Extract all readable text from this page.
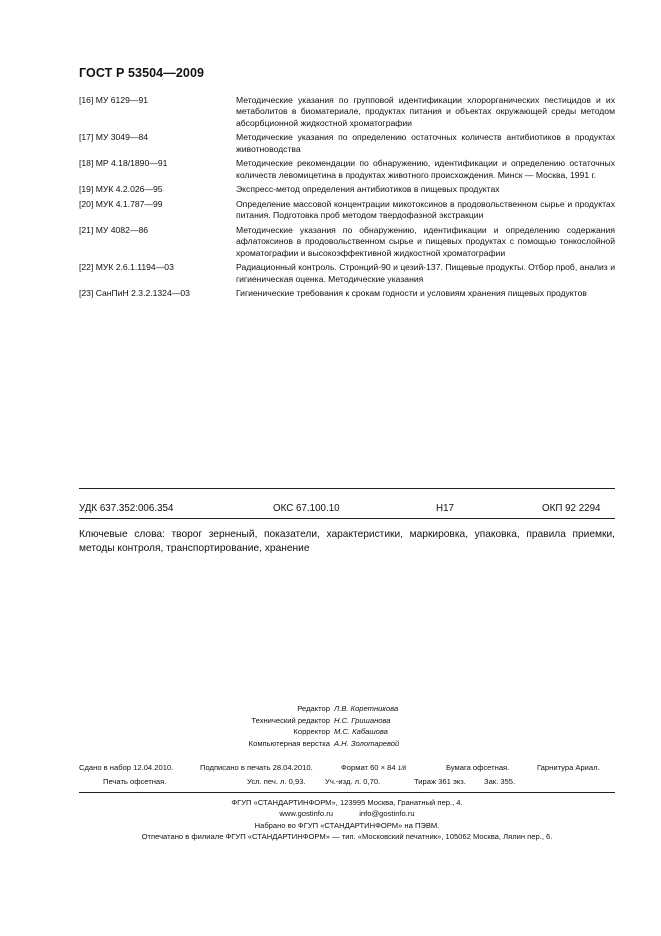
ГОСТ Р 53504—2009
[16] МУ 6129—91	Методические указания по групповой идентификации хлорорганических пестицидов и их метаболитов в биоматериале, продуктах питания и объектах окружающей среды методом абсорбционной жидкостной хроматографии
[17] МУ 3049—84	Методические указания по определению остаточных количеств антибиотиков в продуктах животноводства
[18] МР 4.18/1890—91	Методические рекомендации по обнаружению, идентификации и определению остаточных количеств левомицетина в продуктах животного происхождения. Минск — Москва, 1991 г.
[19] МУК 4.2.026—95	Экспресс-метод определения антибиотиков в пищевых продуктах
[20] МУК 4.1.787—99	Определение массовой концентрации микотоксинов в продовольственном сырье и продуктах питания. Подготовка проб методом твердофазной экстракции
[21] МУ 4082—86	Методические указания по обнаружению, идентификации и определению содержания афлатоксинов в продовольственном сырье и пищевых продуктах с помощью тонкослойной хроматографии и высокоэффективной жидкостной хроматографии
[22] МУК 2.6.1.1194—03	Радиационный контроль. Стронций-90 и цезий-137. Пищевые продукты. Отбор проб, анализ и гигиеническая оценка. Методические указания
[23] СанПиН 2.3.2.1324—03	Гигиенические требования к срокам годности и условиям хранения пищевых продуктов
УДК 637.352:006.354	ОКС 67.100.10	Н17	ОКП 92 2294
Ключевые слова: творог зерненый, показатели, характеристики, маркировка, упаковка, правила приемки, методы контроля, транспортирование, хранение
Редактор Л.В. Коретникова
Технический редактор Н.С. Гришанова
Корректор М.С. Кабашова
Компьютерная верстка А.Н. Золотаревой
Сдано в набор 12.04.2010.	Подписано в печать 28.04.2010.	Формат 60 × 84 1/8	Бумага офсетная.	Гарнитура Ариал.
Печать офсетная.	Усл. печ. л. 0,93.	Уч.-изд. л. 0,70.	Тираж 361 экз. Зак. 355.
ФГУП «СТАНДАРТИНФОРМ», 123995 Москва, Гранатный пер., 4.
www.gostinfo.ru	info@gostinfo.ru
Набрано во ФГУП «СТАНДАРТИНФОРМ» на ПЭВМ.
Отпечатано в филиале ФГУП «СТАНДАРТИНФОРМ» — тип. «Московский печатник», 105062 Москва, Лялин пер., 6.
